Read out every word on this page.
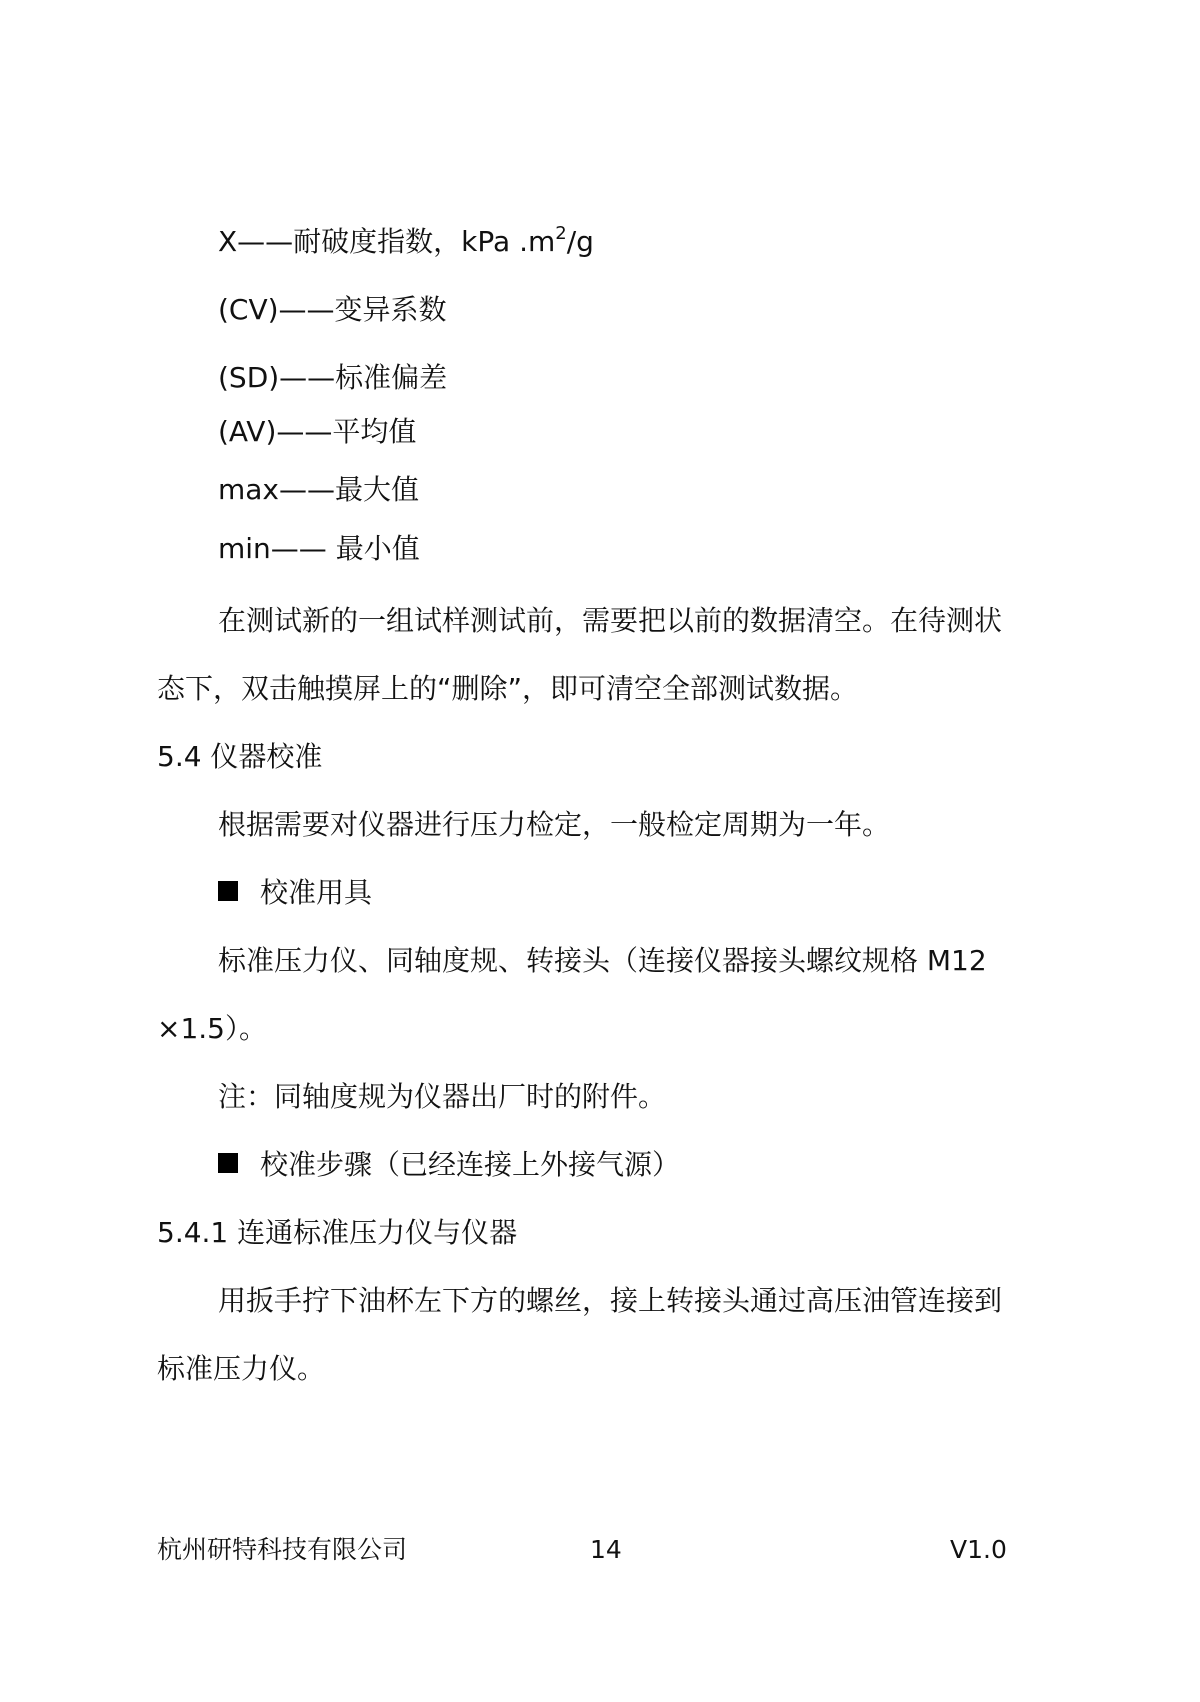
X——耐破度指数，kPa $.m^2/g$
(CV)——变异系数
(SD)——标准偏差
(AV)——平均值
max——最大值
min—— 最小值
在测试新的一组试样测试前，需要把以前的数据清空。在待测状
态下，双击触摸屏上的“删除”，即可清空全部测试数据。
5.4 仪器校准
根据需要对仪器进行压力检定，一般检定周期为一年。
校准用具
标准压力仪、同轴度规、转接头（连接仪器接头螺纹规格 M12
×1.5）。
注：同轴度规为仪器出厂时的附件。
校准步骤（已经连接上外接气源）
5.4.1 连通标准压力仪与仪器
用扳手拧下油杯左下方的螺丝，接上转接头通过高压油管连接到
标准压力仪。
杭州研特科技有限公司	14	V1.0
